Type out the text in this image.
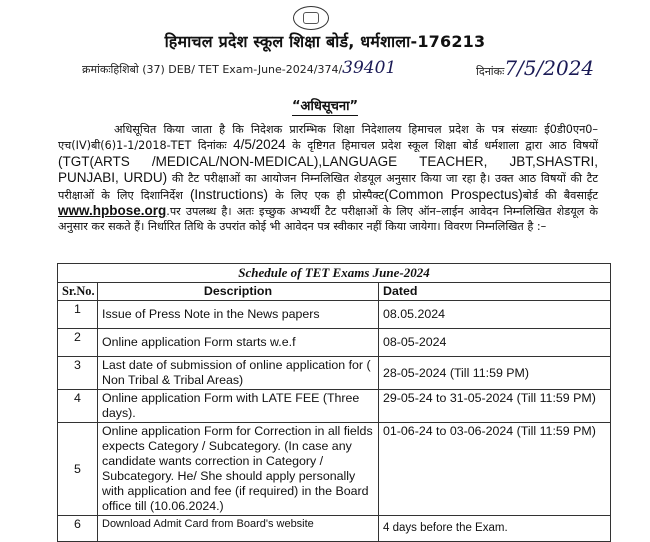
हिमाचल प्रदेश स्कूल शिक्षा बोर्ड, धर्मशाला-176213
क्रमांकःहिशिबो (37) DEB/ TET Exam-June-2024/374/39401	दिनांकः7/5/2024
“अधिसूचना”
अधिसूचित किया जाता है कि निदेशक प्रारम्भिक शिक्षा निदेशालय हिमाचल प्रदेश के पत्र संख्याः ई0डी0एन0–एच(IV)बी(6)1-1/2018-TET दिनांकः 4/5/2024 के दृष्टिगत हिमाचल प्रदेश स्कूल शिक्षा बोर्ड धर्मशाला द्वारा आठ विषयों (TGT(ARTS /MEDICAL/NON-MEDICAL),LANGUAGE TEACHER, JBT,SHASTRI, PUNJABI, URDU) की टैट परीक्षाओं का आयोजन निम्नलिखित शेडयूल अनुसार किया जा रहा है। उक्त आठ विषयों की टैट परीक्षाओं के लिए दिशानिर्देश (Instructions) के लिए एक ही प्रोस्पैक्ट(Common Prospectus)बोर्ड की बैवसाईट www.hpbose.org.पर उपलब्ध है। अतः इच्छुक अभ्यर्थी टैट परीक्षाओं के लिए ऑन–लाईन आवेदन निम्नलिखित शेडयूल के अनुसार कर सकते हैं। निर्धारित तिथि के उपरांत कोई भी आवेदन पत्र स्वीकार नहीं किया जायेगा। विवरण निम्नलिखित है :–
Schedule of TET Exams June-2024		
Sr.No.	Description	Dated
1	Issue of Press Note in the News papers	08.05.2024
2	Online application Form starts w.e.f	08-05-2024
3	Last date of submission of online application for ( Non Tribal & Tribal Areas)	28-05-2024 (Till 11:59 PM)
4	Online application Form with LATE FEE (Three days).	29-05-24 to 31-05-2024 (Till 11:59 PM)
5	Online application Form for Correction in all fields expects Category / Subcategory. (In case any candidate wants correction in Category / Subcategory. He/ She should apply personally with application and fee (if required) in the Board office till (10.06.2024.)	01-06-24 to 03-06-2024 (Till 11:59 PM)
6	Download Admit Card from Board's website	4 days before the Exam.
